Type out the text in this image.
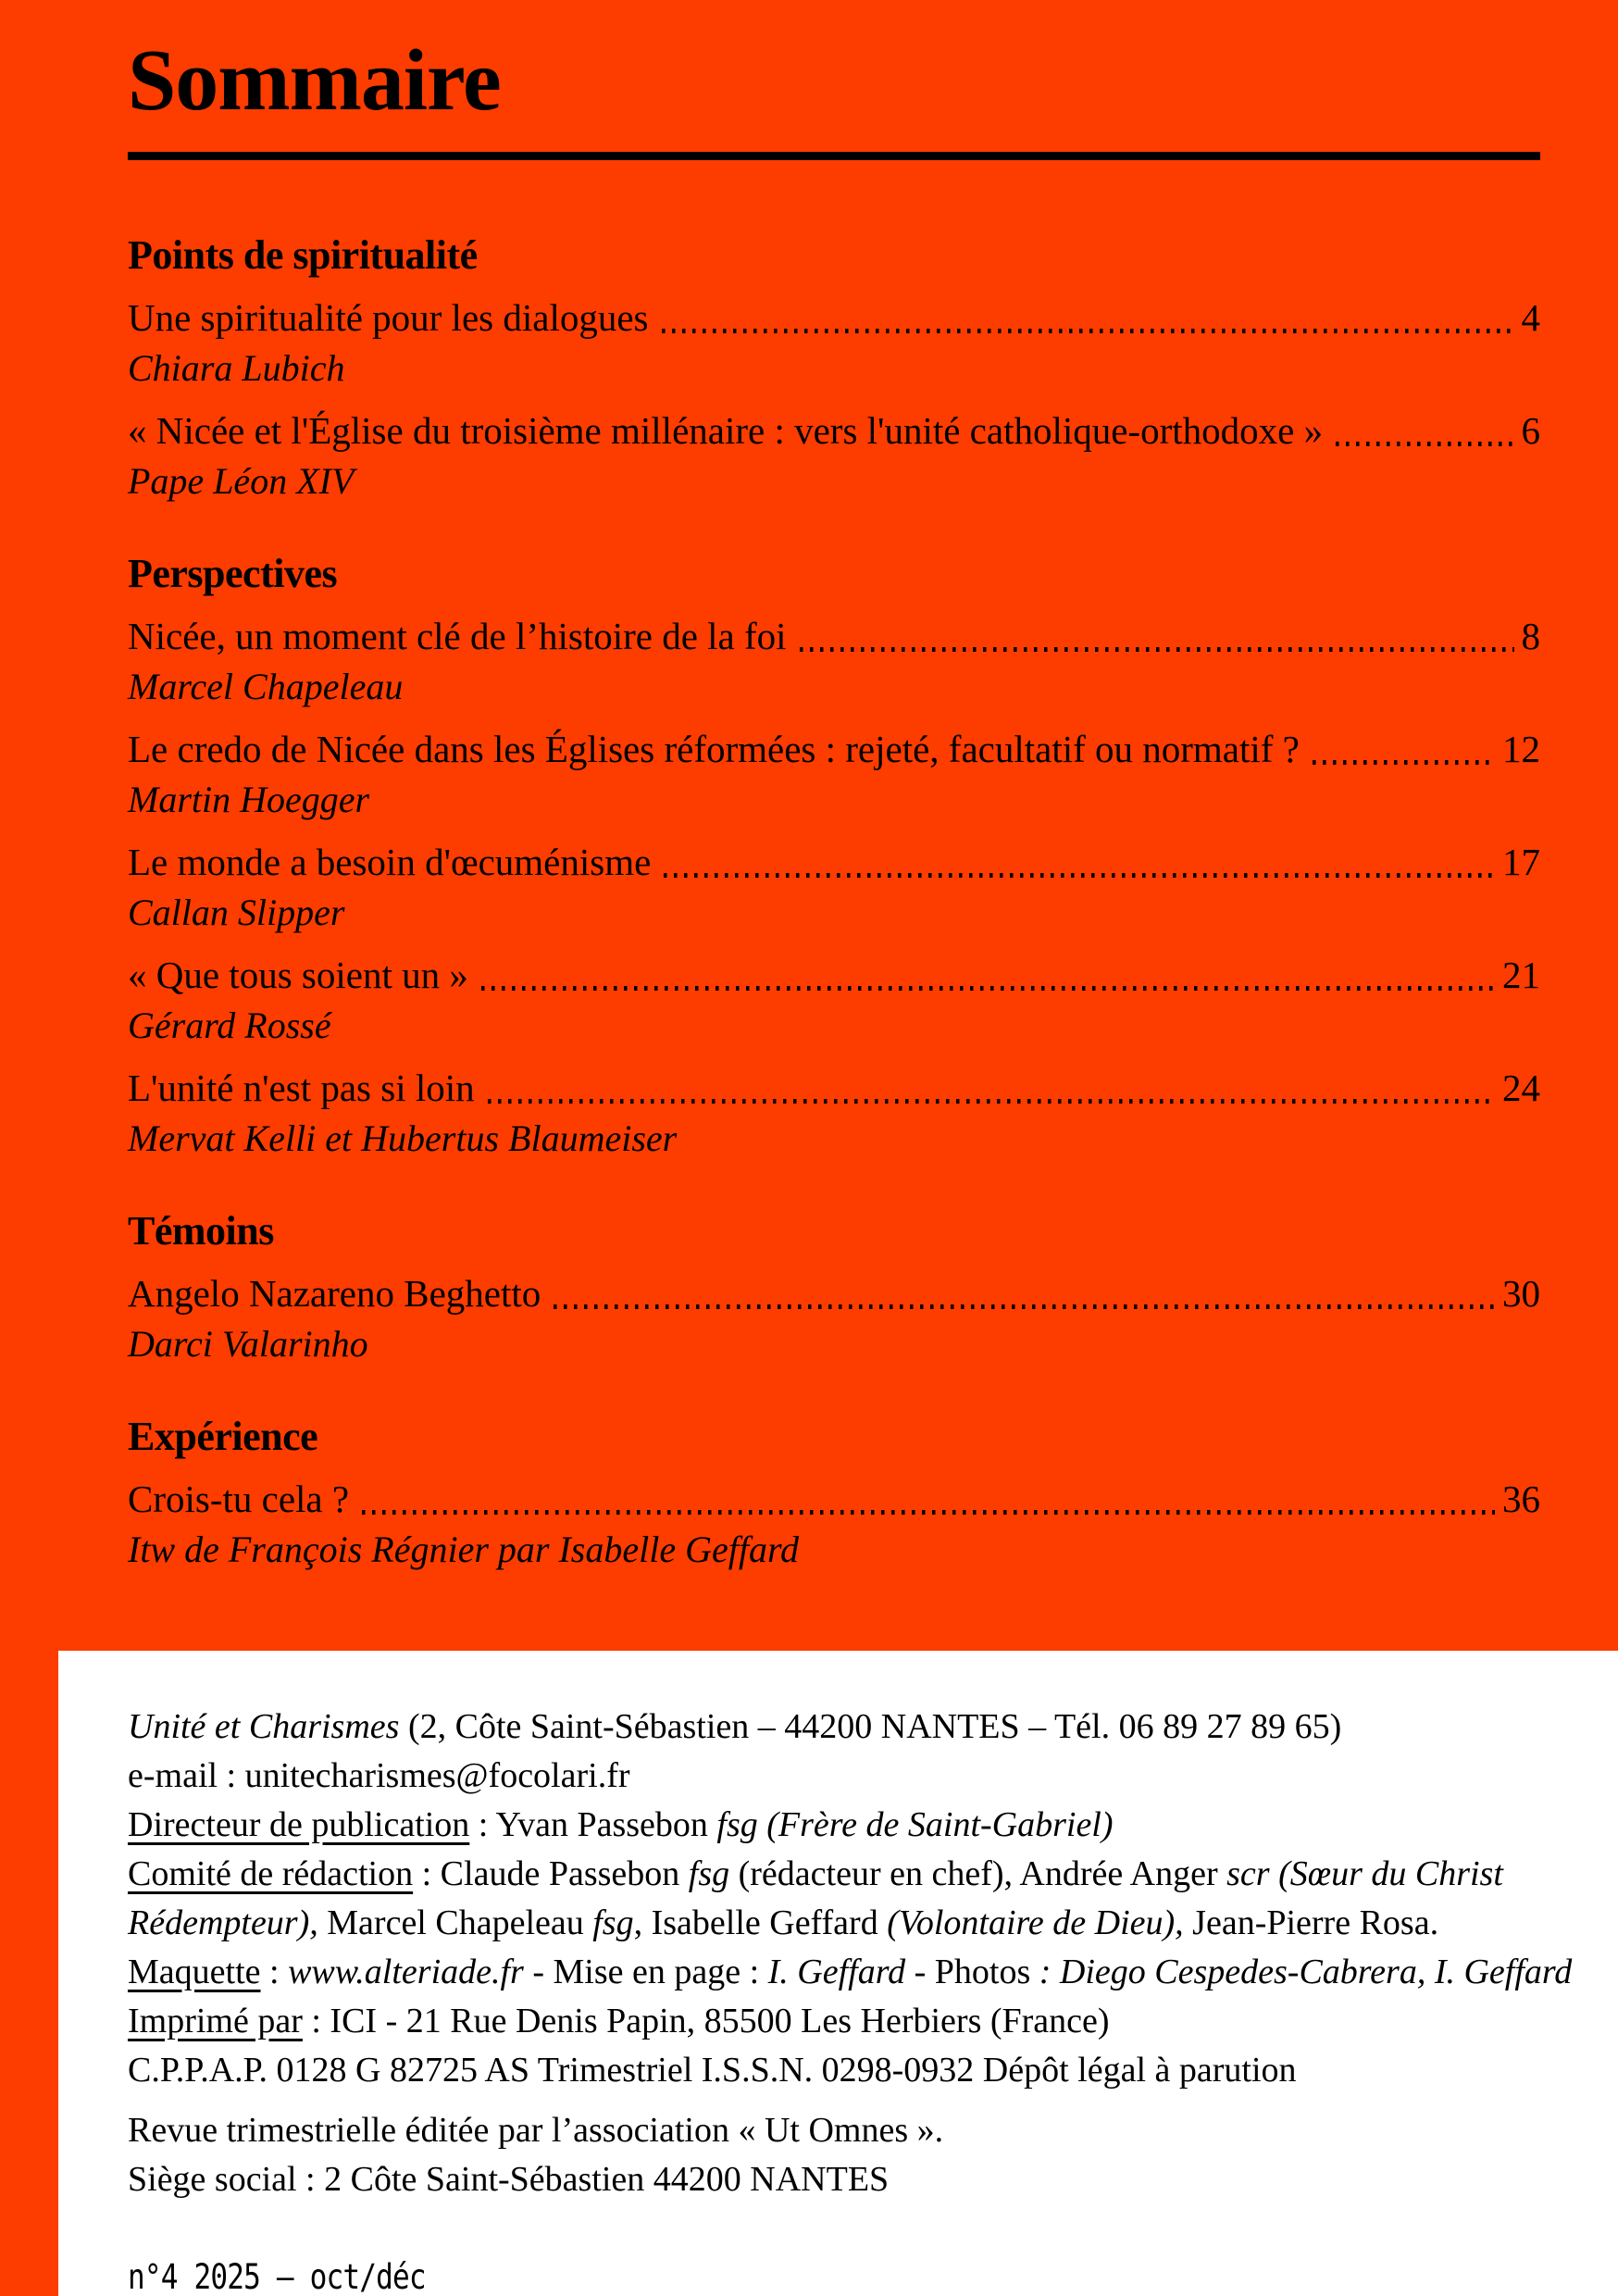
Sommaire
Points de spiritualité
Une spiritualité pour les dialogues	4
Chiara Lubich
« Nicée et l'Église du troisième millénaire : vers l'unité catholique-orthodoxe »	6
Pape Léon XIV
Perspectives
Nicée, un moment clé de l’histoire de la foi	8
Marcel Chapeleau
Le credo de Nicée dans les Églises réformées : rejeté, facultatif ou normatif ?	12
Martin Hoegger
Le monde a besoin d'œcuménisme	17
Callan Slipper
« Que tous soient un »	21
Gérard Rossé
L'unité n'est pas si loin	24
Mervat Kelli et Hubertus Blaumeiser
Témoins
Angelo Nazareno Beghetto	30
Darci Valarinho
Expérience
Crois-tu cela ?	36
Itw de François Régnier par Isabelle Geffard
Unité et Charismes (2, Côte Saint-Sébastien – 44200 NANTES – Tél. 06 89 27 89 65)
e-mail : unitecharismes@focolari.fr
Directeur de publication : Yvan Passebon fsg (Frère de Saint-Gabriel)
Comité de rédaction : Claude Passebon fsg (rédacteur en chef), Andrée Anger scr (Sœur du Christ Rédempteur), Marcel Chapeleau fsg, Isabelle Geffard (Volontaire de Dieu), Jean-Pierre Rosa.
Maquette : www.alteriade.fr - Mise en page : I. Geffard - Photos : Diego Cespedes-Cabrera, I. Geffard
Imprimé par : ICI - 21 Rue Denis Papin, 85500 Les Herbiers (France)
C.P.P.A.P. 0128 G 82725 AS Trimestriel I.S.S.N. 0298-0932 Dépôt légal à parution
Revue trimestrielle éditée par l’association « Ut Omnes ».
Siège social : 2 Côte Saint-Sébastien 44200 NANTES
n°4 2025 – oct/déc
